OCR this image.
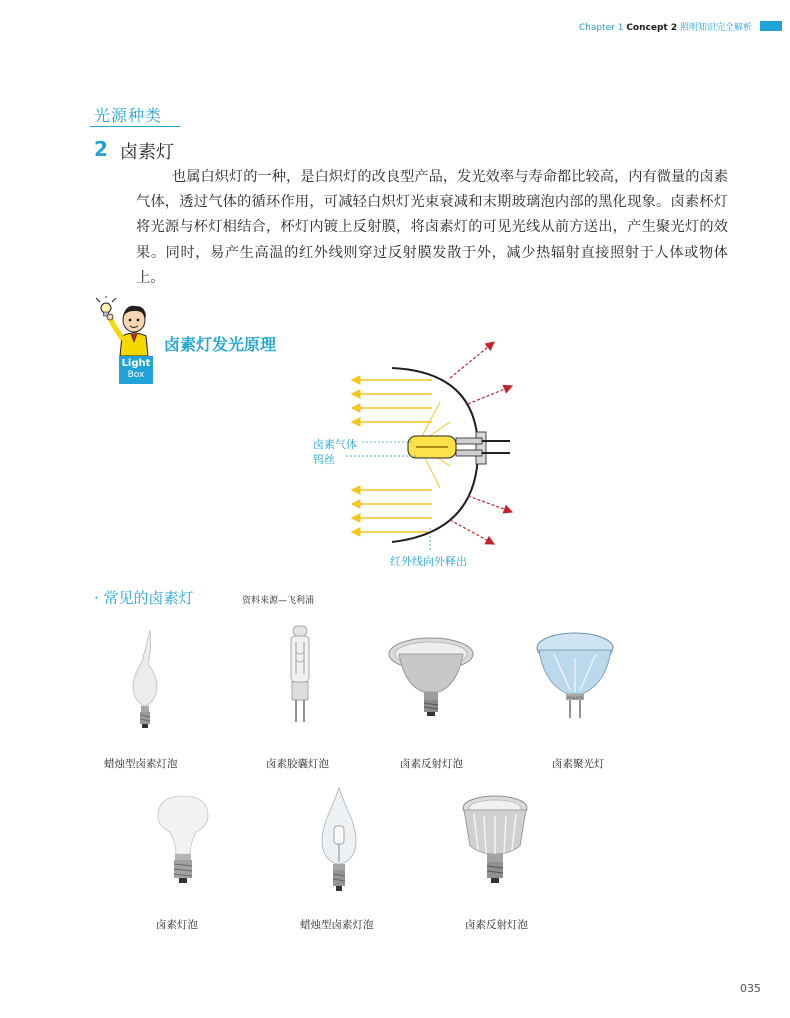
Chapter 1 Concept 2 照明知识完全解析
光源种类
2 卤素灯
也属白炽灯的一种，是白炽灯的改良型产品，发光效率与寿命都比较高，内有微量的卤素气体，透过气体的循环作用，可减轻白炽灯光束衰减和末期玻璃泡内部的黑化现象。卤素杯灯将光源与杯灯相结合，杯灯内镀上反射膜，将卤素灯的可见光线从前方送出，产生聚光灯的效果。同时，易产生高温的红外线则穿过反射膜发散于外，减少热辐射直接照射于人体或物体上。
Light
Box
卤素灯发光原理
卤素气体
钨丝
红外线向外释出
· 常见的卤素灯	资料来源—飞利浦
蜡烛型卤素灯泡	卤素胶囊灯泡	卤素反射灯泡
PHILIPS
卤素聚光灯
卤素灯泡	蜡烛型卤素灯泡	卤素反射灯泡
035
